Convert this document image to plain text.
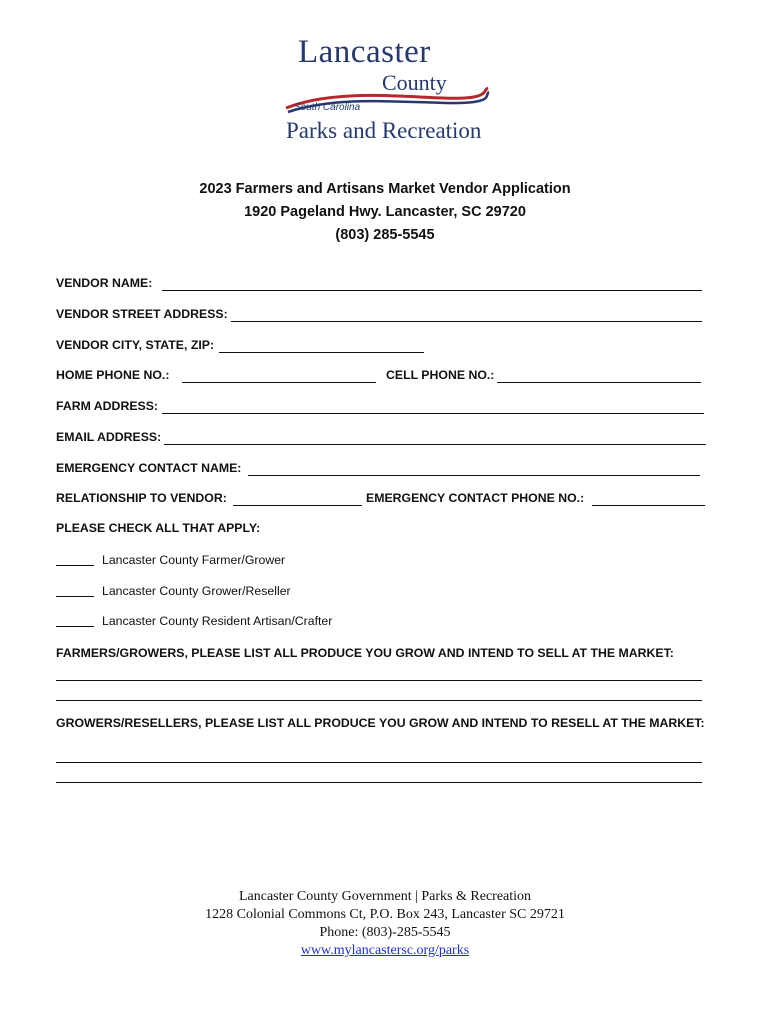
Lancaster
County
South Carolina
Parks and Recreation
2023 Farmers and Artisans Market Vendor Application
1920 Pageland Hwy. Lancaster, SC 29720
(803) 285-5545
VENDOR NAME:
VENDOR STREET ADDRESS:
VENDOR CITY, STATE, ZIP:
HOME PHONE NO.:	CELL PHONE NO.:
FARM ADDRESS:
EMAIL ADDRESS:
EMERGENCY CONTACT NAME:
RELATIONSHIP TO VENDOR:	EMERGENCY CONTACT PHONE NO.:
PLEASE CHECK ALL THAT APPLY:
Lancaster County Farmer/Grower
Lancaster County Grower/Reseller
Lancaster County Resident Artisan/Crafter
FARMERS/GROWERS, PLEASE LIST ALL PRODUCE YOU GROW AND INTEND TO SELL AT THE MARKET:
GROWERS/RESELLERS, PLEASE LIST ALL PRODUCE YOU GROW AND INTEND TO RESELL AT THE MARKET:
Lancaster County Government | Parks & Recreation
1228 Colonial Commons Ct, P.O. Box 243, Lancaster SC 29721
Phone: (803)-285-5545
www.mylancastersc.org/parks
